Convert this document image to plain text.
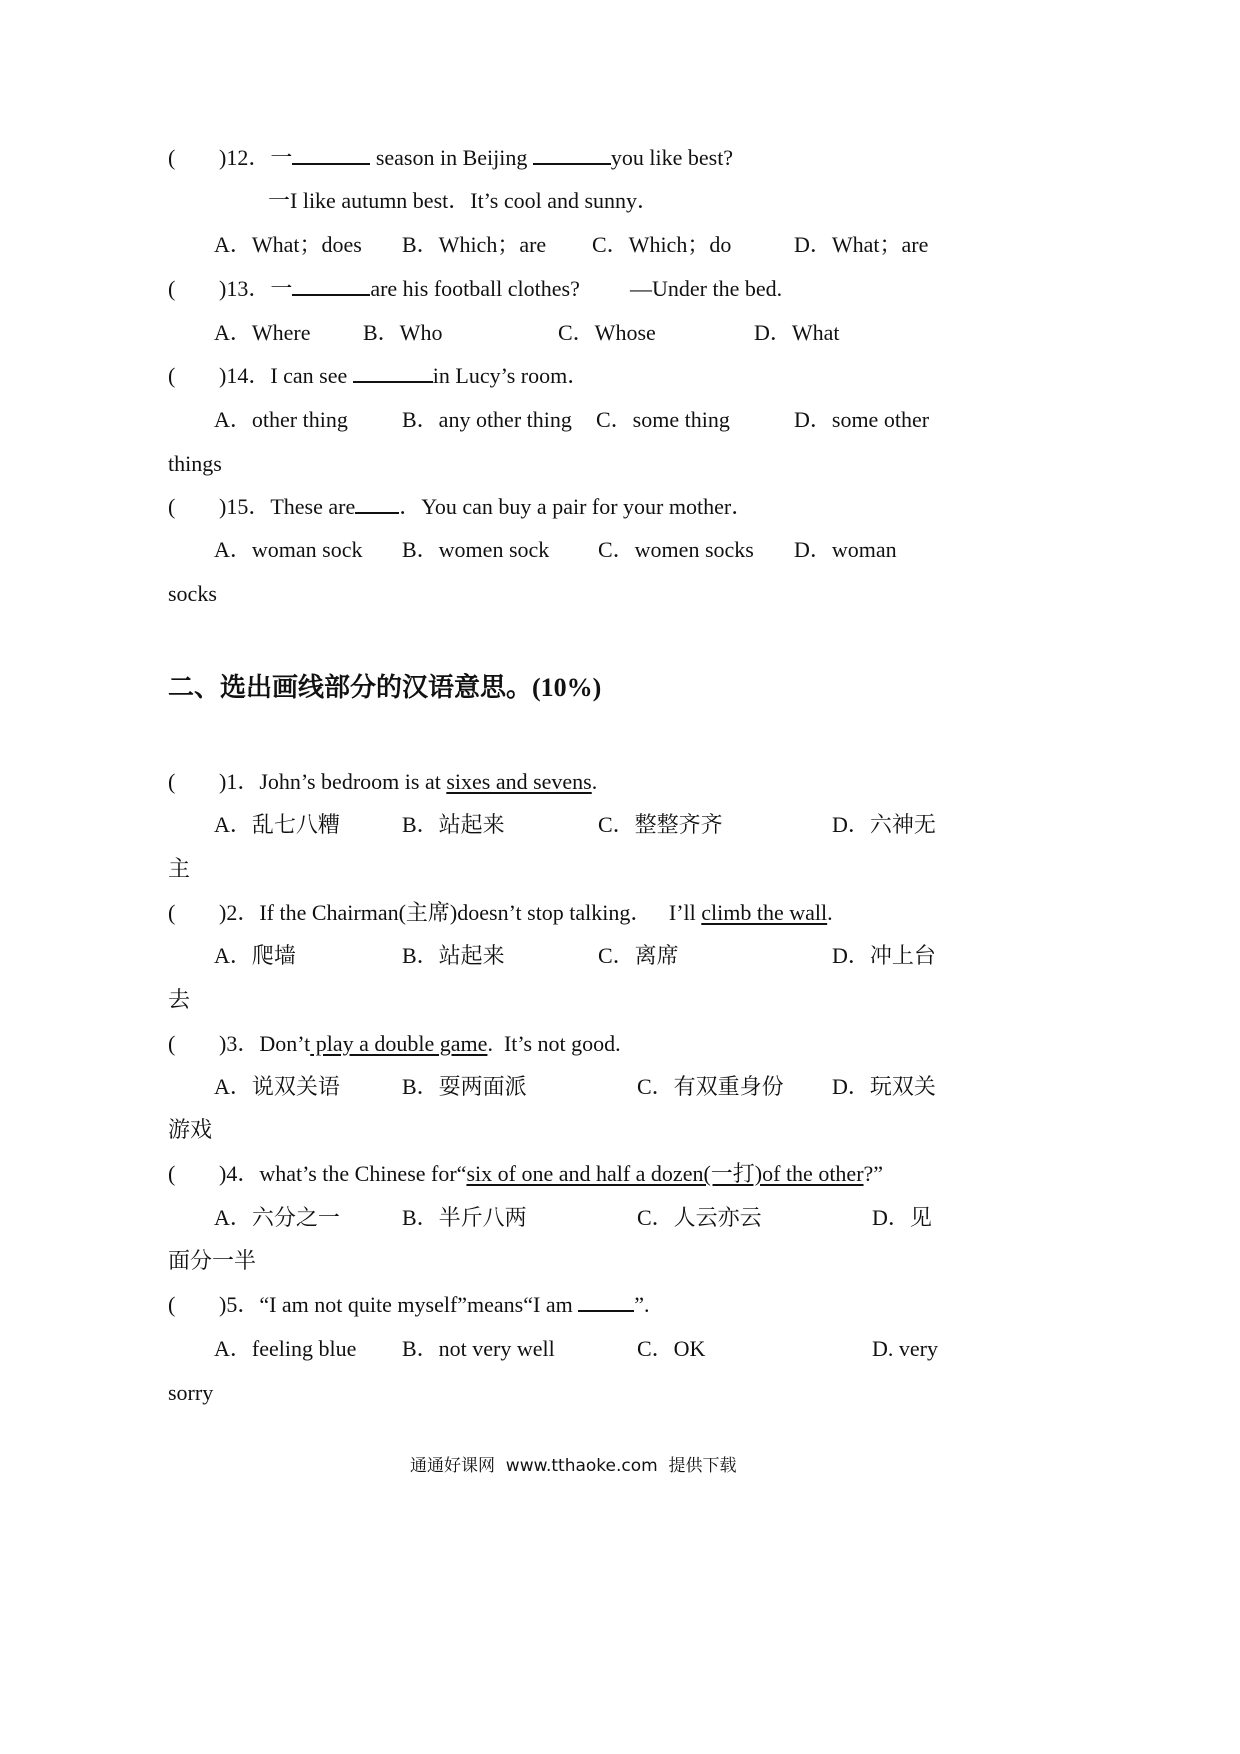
( )12．一	season in Beijing	you like best?
一I like autumn best．It’s cool and sunny．
A．What；does B．Which；are C．Which；do	D．What；are
( )13．一	are his football clothes? —Under the bed.
A．Where B．Who	C．Whose	D．What
( )14．I can see	in Lucy’s room．
A．other thing B．any other thing C．some thing	D．some other
things
( )15．These are ．You can buy a pair for your mother．
A．woman sock B．women sock C．women socks D．woman
socks
二、选出画线部分的汉语意思。(10%)
( )1．John’s bedroom is at sixes and sevens.
A．乱七八糟	B．站起来	C．整整齐齐	D．六神无
主
( )2．If the Chairman(主席)doesn’t stop talking．   I’ll climb the wall.
A．爬墙	B．站起来	C．离席	D．冲上台
去
( )3．Don’t play a double game.  It’s not good.
A．说双关语	B．耍两面派	C．有双重身份 D．玩双关
游戏
( )4．what’s the Chinese for“six of one and half a dozen(一打)of the other?”
A．六分之一	B．半斤八两	C．人云亦云	D．见
面分一半
( )5．“I am not quite myself”means“I am	”.
A．feeling blue B．not very well	C．OK	D. very
sorry
通通好课网  www.tthaoke.com  提供下载
